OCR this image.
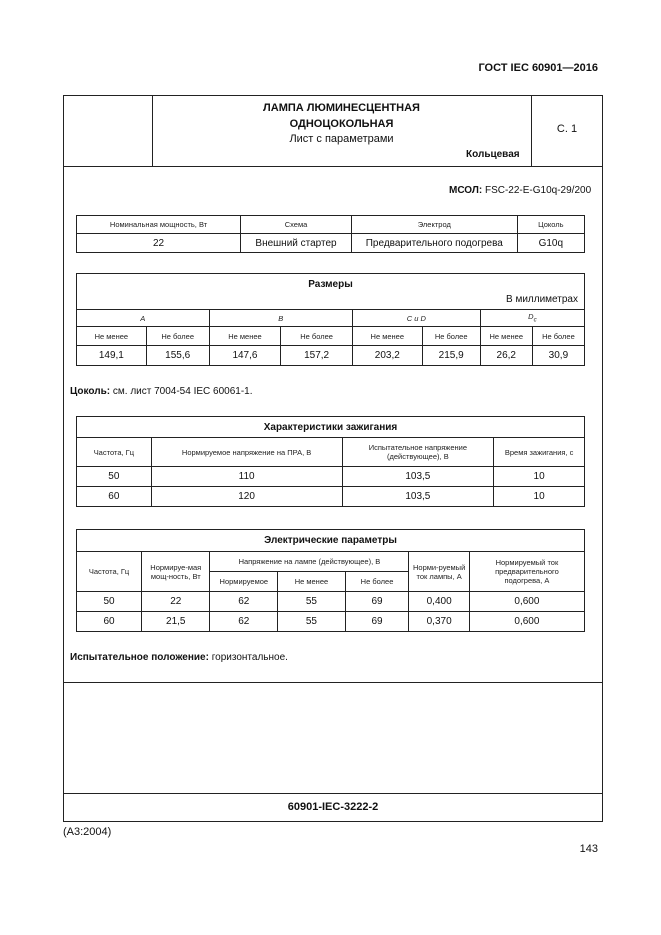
ГОСТ IEC 60901—2016
ЛАМПА ЛЮМИНЕСЦЕНТНАЯ
ОДНОЦОКОЛЬНАЯ
Лист с параметрами
Кольцевая
С. 1
МСОЛ: FSC-22-E-G10q-29/200
60901-IEC-3222-2
Номинальная мощность, Вт	Схема	Электрод	Цоколь
22	Внешний стартер	Предварительного подогрева	G10q
Размеры
В миллиметрах							

A		B		C и D		$D_c$
Не менее	Не более	Не менее	Не более	Не менее	Не более	Не менее	Не более
149,1	155,6	147,6	157,2	203,2	215,9	26,2	30,9
Цоколь: см. лист 7004-54 IEC 60061-1.
Характеристики зажигания			
Частота, Гц	Нормируемое напряжение на ПРА, В	Испытательное напряжение (действующее), В	Время зажигания, с
50	110	103,5	10
60	120	103,5	10
Электрические параметры						
Частота, Гц	Нормируе-мая мощ-ность, Вт	Напряжение на лампе (действующее), В			Норми-руемый ток лампы, А	Нормируемый ток предварительного подогрева, А
		Нормируемое	Не менее	Не более		
50	22	62	55	69	0,400	0,600
60	21,5	62	55	69	0,370	0,600
Испытательное положение: горизонтальное.
(А3:2004)
143
